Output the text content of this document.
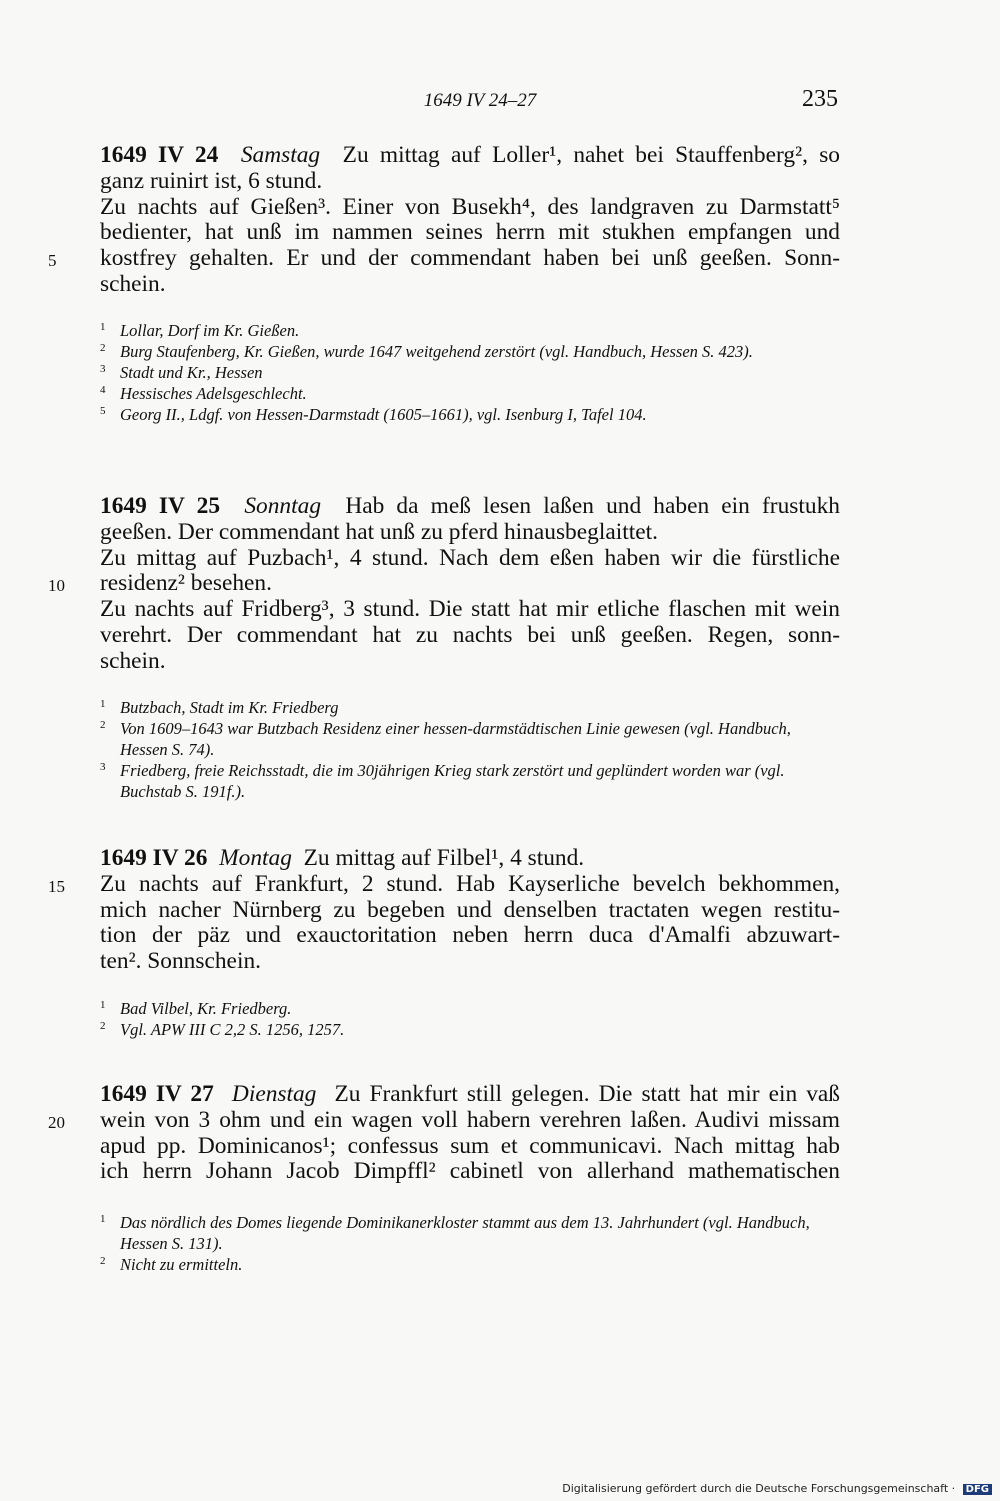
1649 IV 24–27	235
1649 IV 24 Samstag Zu mittag auf Loller¹, nahet bei Stauffenberg², so
ganz ruinirt ist, 6 stund.
Zu nachts auf Gießen³. Einer von Busekh⁴, des landgraven zu Darmstatt⁵
bedienter, hat unß im nammen seines herrn mit stukhen empfangen und
5	kostfrey gehalten. Er und der commendant haben bei unß geeßen. Sonn-
schein.
1 Lollar, Dorf im Kr. Gießen.
2 Burg Staufenberg, Kr. Gießen, wurde 1647 weitgehend zerstört (vgl. Handbuch, Hessen S. 423).
3 Stadt und Kr., Hessen
4 Hessisches Adelsgeschlecht.
5 Georg II., Ldgf. von Hessen-Darmstadt (1605–1661), vgl. Isenburg I, Tafel 104.
1649 IV 25 Sonntag Hab da meß lesen laßen und haben ein frustukh
geeßen. Der commendant hat unß zu pferd hinausbeglaittet.
Zu mittag auf Puzbach¹, 4 stund. Nach dem eßen haben wir die fürstliche
10	residenz² besehen.
Zu nachts auf Fridberg³, 3 stund. Die statt hat mir etliche flaschen mit wein
verehrt. Der commendant hat zu nachts bei unß geeßen. Regen, sonn-
schein.
1 Butzbach, Stadt im Kr. Friedberg
2 Von 1609–1643 war Butzbach Residenz einer hessen-darmstädtischen Linie gewesen (vgl. Handbuch, Hessen S. 74).
3 Friedberg, freie Reichsstadt, die im 30jährigen Krieg stark zerstört und geplündert worden war (vgl. Buchstab S. 191f.).
1649 IV 26 Montag Zu mittag auf Filbel¹, 4 stund.
15	Zu nachts auf Frankfurt, 2 stund. Hab Kayserliche bevelch bekhommen,
mich nacher Nürnberg zu begeben und denselben tractaten wegen restitu-
tion der päz und exauctoritation neben herrn duca d'Amalfi abzuwart-
ten². Sonnschein.
1 Bad Vilbel, Kr. Friedberg.
2 Vgl. APW III C 2,2 S. 1256, 1257.
1649 IV 27 Dienstag Zu Frankfurt still gelegen. Die statt hat mir ein vaß
20	wein von 3 ohm und ein wagen voll habern verehren laßen. Audivi missam
apud pp. Dominicanos¹; confessus sum et communicavi. Nach mittag hab
ich herrn Johann Jacob Dimpffl² cabinetl von allerhand mathematischen
1 Das nördlich des Domes liegende Dominikanerkloster stammt aus dem 13. Jahrhundert (vgl. Handbuch, Hessen S. 131).
2 Nicht zu ermitteln.
Digitalisierung gefördert durch die Deutsche Forschungsgemeinschaft · DFG
